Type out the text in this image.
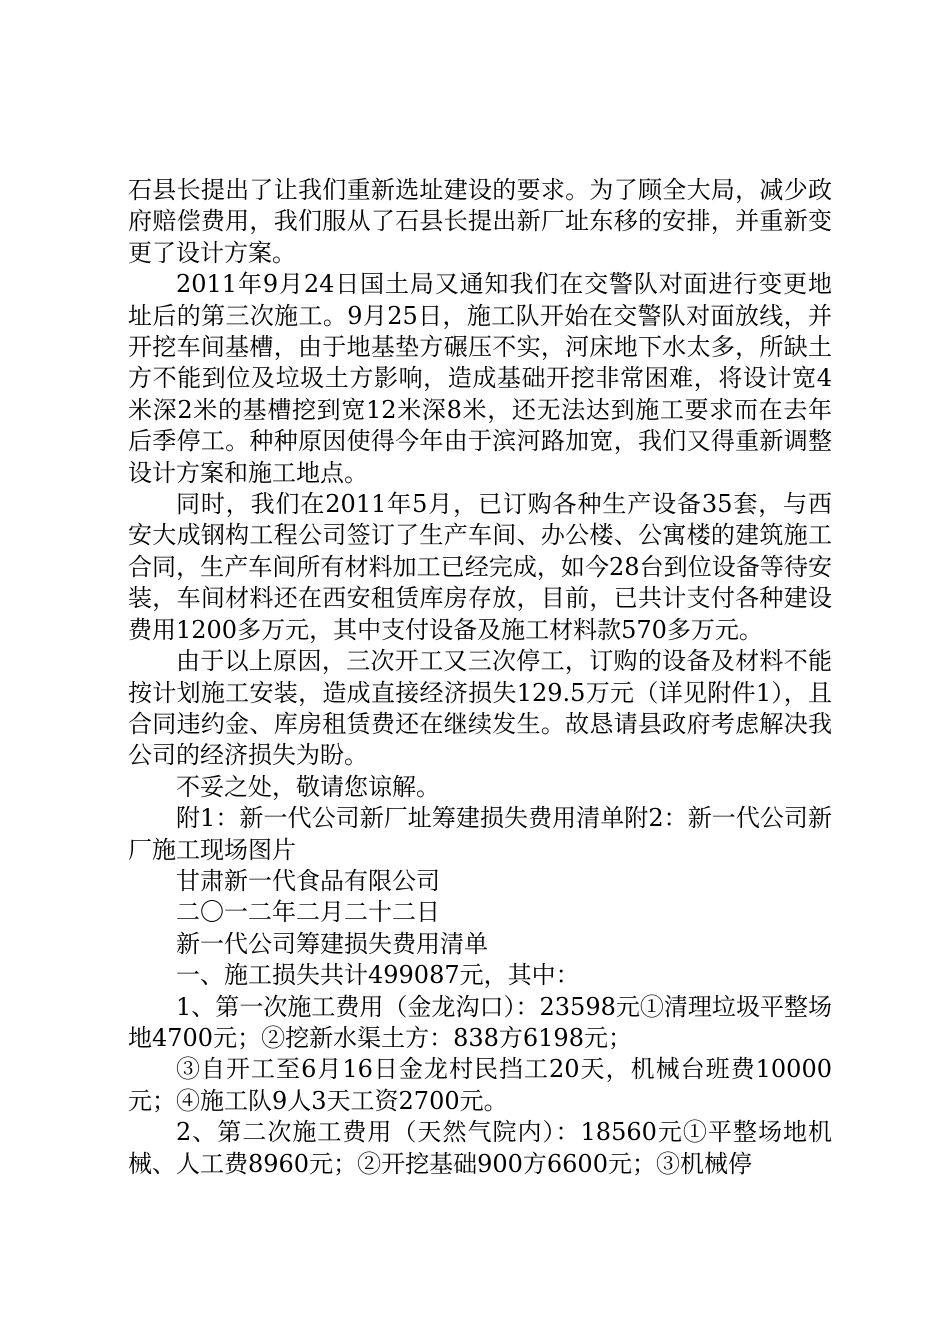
石县长提出了让我们重新选址建设的要求。为了顾全大局，减少政府赔偿费用，我们服从了石县长提出新厂址东移的安排，并重新变更了设计方案。

2011年9月24日国土局又通知我们在交警队对面进行变更地址后的第三次施工。9月25日，施工队开始在交警队对面放线，并开挖车间基槽，由于地基垫方碾压不实，河床地下水太多，所缺土方不能到位及垃圾土方影响，造成基础开挖非常困难，将设计宽4米深2米的基槽挖到宽12米深8米，还无法达到施工要求而在去年后季停工。种种原因使得今年由于滨河路加宽，我们又得重新调整设计方案和施工地点。

同时，我们在2011年5月，已订购各种生产设备35套，与西安大成钢构工程公司签订了生产车间、办公楼、公寓楼的建筑施工合同，生产车间所有材料加工已经完成，如今28台到位设备等待安装，车间材料还在西安租赁库房存放，目前，已共计支付各种建设费用1200多万元，其中支付设备及施工材料款570多万元。

由于以上原因，三次开工又三次停工，订购的设备及材料不能按计划施工安装，造成直接经济损失129.5万元（详见附件1），且合同违约金、库房租赁费还在继续发生。故恳请县政府考虑解决我公司的经济损失为盼。

不妥之处，敬请您谅解。

附1：新一代公司新厂址筹建损失费用清单附2：新一代公司新厂施工现场图片

甘肃新一代食品有限公司

二〇一二年二月二十二日

新一代公司筹建损失费用清单

一、施工损失共计499087元，其中：

1、第一次施工费用（金龙沟口）：23598元①清理垃圾平整场地4700元；②挖新水渠土方：838方6198元；

③自开工至6月16日金龙村民挡工20天，机械台班费10000元；④施工队9人3天工资2700元。

2、第二次施工费用（天然气院内）：18560元①平整场地机械、人工费8960元；②开挖基础900方6600元；③机械停
